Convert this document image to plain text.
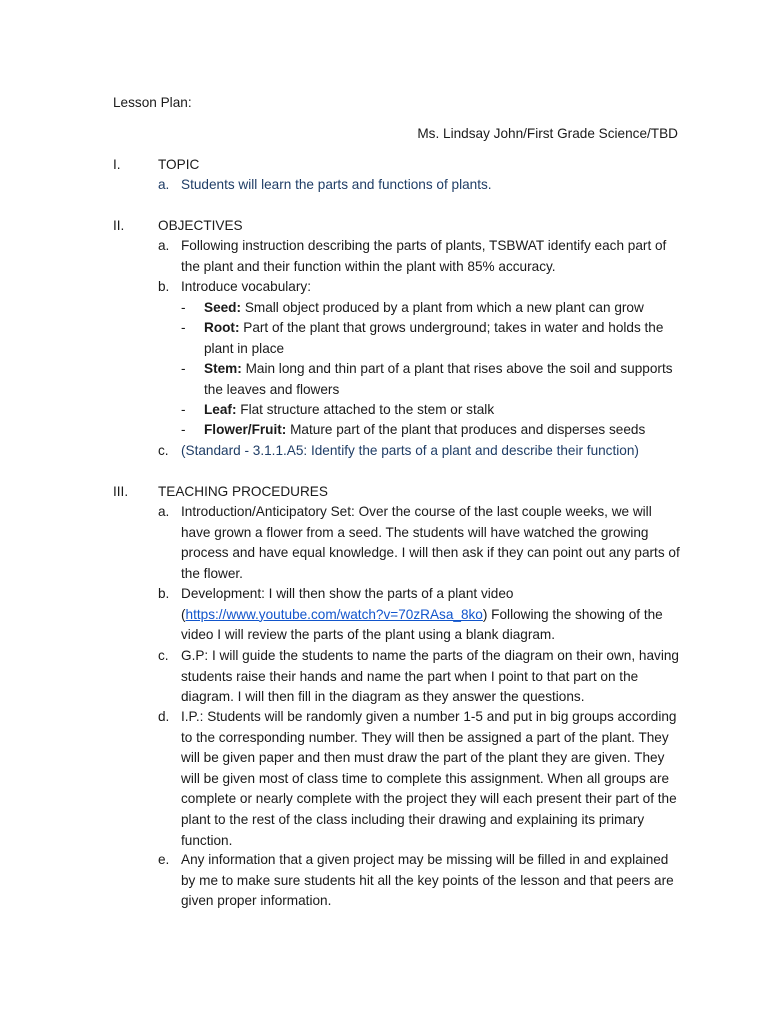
Lesson Plan:
Ms. Lindsay John/First Grade Science/TBD
I.	TOPIC
a. Students will learn the parts and functions of plants.
II. OBJECTIVES
a. Following instruction describing the parts of plants, TSBWAT identify each part of the plant and their function within the plant with 85% accuracy.
b. Introduce vocabulary:
- Seed: Small object produced by a plant from which a new plant can grow
- Root: Part of the plant that grows underground; takes in water and holds the plant in place
- Stem: Main long and thin part of a plant that rises above the soil and supports the leaves and flowers
- Leaf: Flat structure attached to the stem or stalk
- Flower/Fruit: Mature part of the plant that produces and disperses seeds
c. (Standard - 3.1.1.A5: Identify the parts of a plant and describe their function)
III. TEACHING PROCEDURES
a. Introduction/Anticipatory Set: Over the course of the last couple weeks, we will have grown a flower from a seed. The students will have watched the growing process and have equal knowledge. I will then ask if they can point out any parts of the flower.
b. Development: I will then show the parts of a plant video (https://www.youtube.com/watch?v=70zRAsa_8ko) Following the showing of the video I will review the parts of the plant using a blank diagram.
c. G.P: I will guide the students to name the parts of the diagram on their own, having students raise their hands and name the part when I point to that part on the diagram. I will then fill in the diagram as they answer the questions.
d. I.P.: Students will be randomly given a number 1-5 and put in big groups according to the corresponding number. They will then be assigned a part of the plant. They will be given paper and then must draw the part of the plant they are given. They will be given most of class time to complete this assignment. When all groups are complete or nearly complete with the project they will each present their part of the plant to the rest of the class including their drawing and explaining its primary function.
e. Any information that a given project may be missing will be filled in and explained by me to make sure students hit all the key points of the lesson and that peers are given proper information.
